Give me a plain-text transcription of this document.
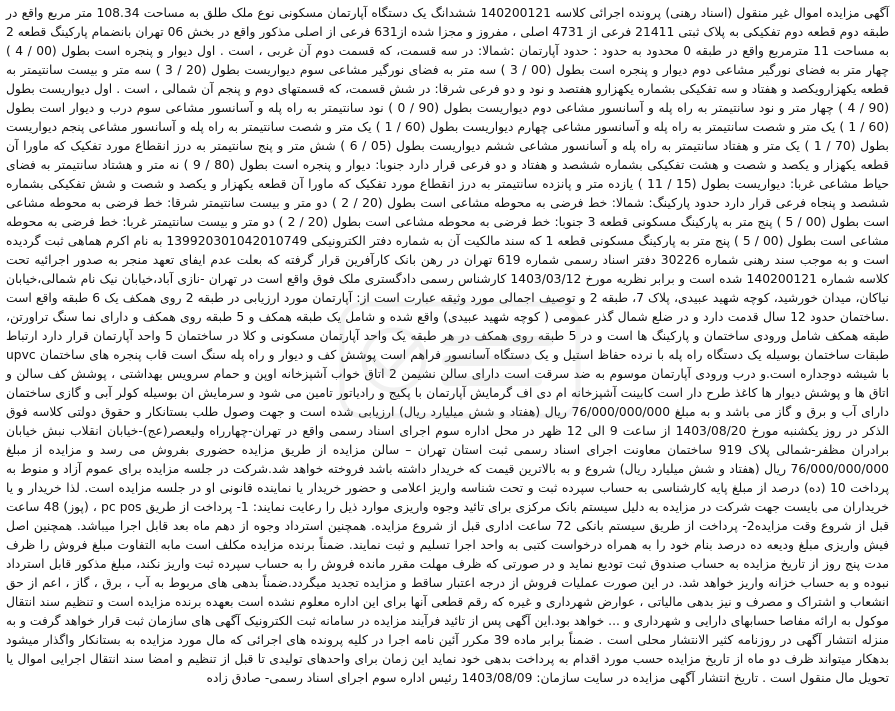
آگهی مزایده اموال غیر منقول (اسناد رهنی) پرونده اجرائی کلاسه 140200121 ششدانگ یک دستگاه آپارتمان مسکونی نوع ملک طلق به مساحت 108.34 متر مربع واقع در طبقه دوم قطعه دوم تفکیکی به پلاک ثبتی 21411 فرعی از 4731 اصلی ، مفروز و مجزا شده از631 فرعی از اصلی مذکور واقع در بخش 06 تهران بانضمام پارکینگ قطعه 2 به مساحت 11 مترمربع واقع در طبقه 0 محدود به حدود : حدود آپارتمان :شمالا: در سه قسمت، که قسمت دوم آن غربی ، است . اول دیوار و پنجره است بطول (00 / 4 ) چهار متر به فضای نورگیر مشاعی دوم دیوار و پنجره است بطول (00 / 3 ) سه متر به فضای نورگیر مشاعی سوم دیواریست بطول (20 / 3 ) سه متر و بیست سانتیمتر به قطعه یکهزارویکصد و هفتاد و سه تفکیکی بشماره یکهزارو هفتصد و نود و دو فرعی شرقا: در شش قسمت، که قسمتهای دوم و پنجم آن شمالی ، است . اول دیواریست بطول (90 / 4 ) چهار متر و نود سانتیمتر به راه پله و آسانسور مشاعی دوم دیواریست بطول (90 / 0 ) نود سانتیمتر به راه پله و آسانسور مشاعی سوم درب و دیوار است بطول (60 / 1 ) یک متر و شصت سانتیمتر به راه پله و آسانسور مشاعی چهارم دیواریست بطول (60 / 1 ) یک متر و شصت سانتیمتر به راه پله و آسانسور مشاعی پنجم دیواریست بطول (70 / 1 ) یک متر و هفتاد سانتیمتر به راه پله و آسانسور مشاعی ششم دیواریست بطول (05 / 6 ) شش متر و پنج سانتیمتر به درز انقطاع مورد تفکیک که ماورا آن قطعه یکهزار و یکصد و شصت و هشت تفکیکی بشماره ششصد و هفتاد و دو فرعی قرار دارد جنوبا: دیوار و پنجره است بطول (80 / 9 ) نه متر و هشتاد سانتیمتر به فضای حیاط مشاعی غربا: دیواریست بطول (15 / 11 ) یازده متر و پانزده سانتیمتر به درز انقطاع مورد تفکیک که ماورا آن قطعه یکهزار و یکصد و شصت و شش تفکیکی بشماره ششصد و پنجاه فرعی قرار دارد حدود پارکینگ: شمالا: خط فرضی به محوطه مشاعی است بطول (20 / 2 ) دو متر و بیست سانتیمتر شرقا: خط فرضی به محوطه مشاعی است بطول (00 / 5 ) پنج متر به پارکینگ مسکونی قطعه 3 جنوبا: خط فرضی به محوطه مشاعی است بطول (20 / 2 ) دو متر و بیست سانتیمتر غربا: خط فرضی به محوطه مشاعی است بطول (00 / 5 ) پنج متر به پارکینگ مسکونی قطعه 1 که سند مالکیت آن به شماره دفتر الکترونیکی 139920301042010749 به نام اکرم هماهی ثبت گردیده است و به موجب سند رهنی شماره 30226 دفتر اسناد رسمی شماره 619 تهران در رهن بانک کارآفرین قرار گرفته که بعلت عدم ایفای تعهد منجر به صدور اجرائیه تحت کلاسه شماره 140200121 شده است و برابر نظریه مورخ 1403/03/12 کارشناس رسمی دادگستری ملک فوق واقع است در تهران -نازی آباد،خیابان نیک نام شمالی،خیابان نیاکان، میدان خورشید، کوچه شهید عبیدی، پلاک 7، طبقه 2 و توصیف اجمالی مورد وثیقه عبارت است از: آپارتمان مورد ارزیابی در طبقه 2 روی همکف یک 6 طبقه واقع است .ساختمان حدود 12 سال قدمت دارد و در ضلع شمال گذر عمومی ( کوچه شهید عبیدی) واقع شده و شامل یک طبقه همکف و 5 طبقه روی همکف و دارای نما سنگ تراورتن، طبقه همکف شامل ورودی ساختمان و پارکینگ ها است و در 5 طبقه روی همکف در هر طبقه یک واحد آپارتمان مسکونی و کلا در ساختمان 5 واحد آپارتمان قرار دارد ارتباط طبقات ساختمان بوسیله یک دستگاه راه پله با نرده حفاظ استیل و یک دستگاه آسانسور فراهم است پوشش کف و دیوار و راه پله سنگ است قاب پنجره های ساختمان upvc با شیشه دوجداره است.و درب ورودی آپارتمان موسوم به ضد سرقت است دارای سالن نشیمن 2 اتاق خواب آشپزخانه اوپن و حمام سرویس بهداشتی ، پوشش کف سالن و اتاق ها و پوشش دیوار ها کاغذ طرح دار است کابینت آشپزخانه ام دی اف گرمایش آپارتمان با پکیج و رادیاتور تامین می شود و سرمایش ان بوسیله کولر آبی و گازی ساختمان دارای آب و برق و گاز می باشد و به مبلغ 76/000/000/000 ریال (هفتاد و شش میلیارد ریال) ارزیابی شده است و جهت وصول طلب بستانکار و حقوق دولتی کلاسه فوق الذکر در روز یکشنبه مورخ 1403/08/20 از ساعت 9 الی 12 ظهر در محل اداره سوم اجرای اسناد رسمی واقع در تهران-چهارراه ولیعصر(عج)-خیابان انقلاب نبش خیابان برادران مظفر-شمالی پلاک 919 ساختمان معاونت اجرای اسناد رسمی ثبت استان تهران – سالن مزایده از طریق مزایده حضوری بفروش می رسد و مزایده از مبلغ 76/000/000/000 ریال (هفتاد و شش میلیارد ریال) شروع و به بالاترین قیمت که خریدار داشته باشد فروخته خواهد شد.شرکت در جلسه مزایده برای عموم آزاد و منوط به پرداخت 10 (ده) درصد از مبلغ پایه کارشناسی به حساب سپرده ثبت و تحت شناسه واریز اعلامی و حضور خریدار یا نماینده قانونی او در جلسه مزایده است. لذا خریدار و یا خریداران می بایست جهت شرکت در مزایده به دلیل سیستم بانک مرکزی برای تائید وجوه واریزی موارد ذیل را رعایت نمایند: 1- پرداخت از طریق pc pos ، (پوز) 48 ساعت قبل از شروع وقت مزایده2- پرداخت از طریق سیستم بانکی 72 ساعت اداری قبل از شروع مزایده. همچنین استرداد وجوه از دهم ماه بعد قابل اجرا میباشد. همچنین اصل فیش واریزی مبلغ ودیعه ده درصد بنام خود را به همراه درخواست کتبی به واحد اجرا تسلیم و ثبت نمایند. ضمناً برنده مزایده مکلف است مابه التفاوت مبلغ فروش را ظرف مدت پنج روز از تاریخ مزایده به حساب صندوق ثبت تودیع نماید و در صورتی که ظرف مهلت مقرر مانده فروش را به حساب سپرده ثبت واریز نکند، مبلغ مذکور قابل استرداد نبوده و به حساب خزانه واریز خواهد شد. در این صورت عملیات فروش از درجه اعتبار ساقط و مزایده تجدید میگردد.ضمناً بدهی های مربوط به آب ، برق ، گاز ، اعم از حق انشعاب و اشتراک و مصرف و نیز بدهی مالیاتی ، عوارض شهرداری و غیره که رقم قطعی آنها برای این اداره معلوم نشده است بعهده برنده مزایده است و تنظیم سند انتقال موکول به ارائه مفاصا حسابهای دارایی و شهرداری و ... خواهد بود.این آگهی پس از تائید فرآیند مزایده در سامانه ثبت الکترونیک آگهی های سازمان ثبت قرار خواهد گرفت و به منزله انتشار آگهی در روزنامه کثیر الانتشار محلی است . ضمناً برابر ماده 39 مکرر آئین نامه اجرا در کلیه پرونده های اجرائی که مال مورد مزایده به بستانکار واگذار میشود بدهکار میتواند ظرف دو ماه از تاریخ مزایده حسب مورد اقدام به پرداخت بدهی خود نماید این زمان برای واحدهای تولیدی تا قبل از تنظیم و امضا سند انتقال اجرایی اموال یا تحویل مال منقول است . تاریخ انتشار آگهی مزایده در سایت سازمان: 1403/08/09 رئیس اداره سوم اجرای اسناد رسمی- صادق زاده
